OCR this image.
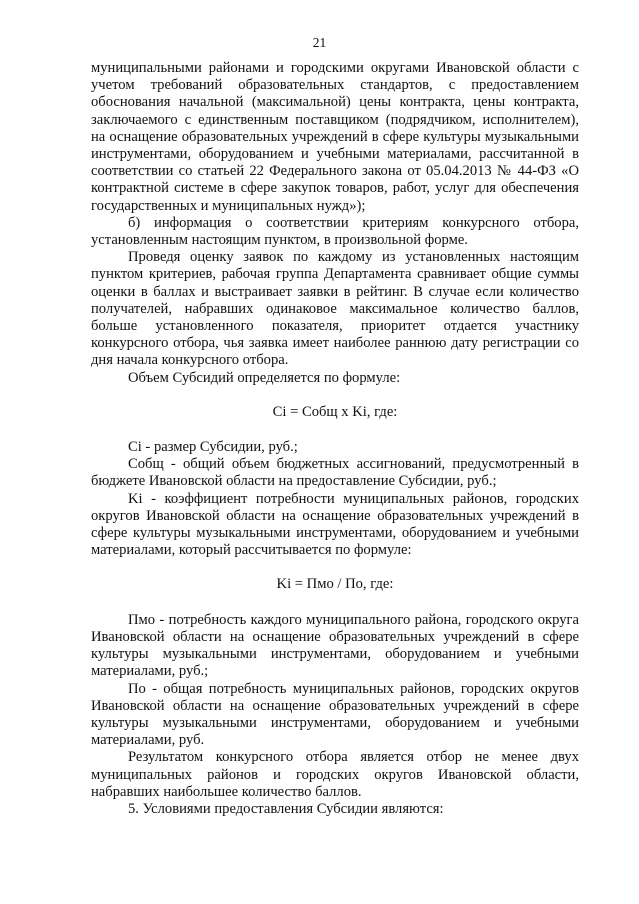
21

муниципальными районами и городскими округами Ивановской области с учетом требований образовательных стандартов, с предоставлением обоснования начальной (максимальной) цены контракта, цены контракта, заключаемого с единственным поставщиком (подрядчиком, исполнителем), на оснащение образовательных учреждений в сфере культуры музыкальными инструментами, оборудованием и учебными материалами, рассчитанной в соответствии со статьей 22 Федерального закона от 05.04.2013 № 44-ФЗ «О контрактной системе в сфере закупок товаров, работ, услуг для обеспечения государственных и муниципальных нужд»);

б) информация о соответствии критериям конкурсного отбора, установленным настоящим пунктом, в произвольной форме.

Проведя оценку заявок по каждому из установленных настоящим пунктом критериев, рабочая группа Департамента сравнивает общие суммы оценки в баллах и выстраивает заявки в рейтинг. В случае если количество получателей, набравших одинаковое максимальное количество баллов, больше установленного показателя, приоритет отдается участнику конкурсного отбора, чья заявка имеет наиболее раннюю дату регистрации со дня начала конкурсного отбора.

Объем Субсидий определяется по формуле:

Ci = Cобщ x Ki, где:

Ci - размер Субсидии, руб.;

Cобщ - общий объем бюджетных ассигнований, предусмотренный в бюджете Ивановской области на предоставление Субсидии, руб.;

Ki - коэффициент потребности муниципальных районов, городских округов Ивановской области на оснащение образовательных учреждений в сфере культуры музыкальными инструментами, оборудованием и учебными материалами, который рассчитывается по формуле:

Ki = Пмо / По, где:

Пмо - потребность каждого муниципального района, городского округа Ивановской области на оснащение образовательных учреждений в сфере культуры музыкальными инструментами, оборудованием и учебными материалами, руб.;

По - общая потребность муниципальных районов, городских округов Ивановской области на оснащение образовательных учреждений в сфере культуры музыкальными инструментами, оборудованием и учебными материалами, руб.

Результатом конкурсного отбора является отбор не менее двух муниципальных районов и городских округов Ивановской области, набравших наибольшее количество баллов.

5. Условиями предоставления Субсидии являются:
